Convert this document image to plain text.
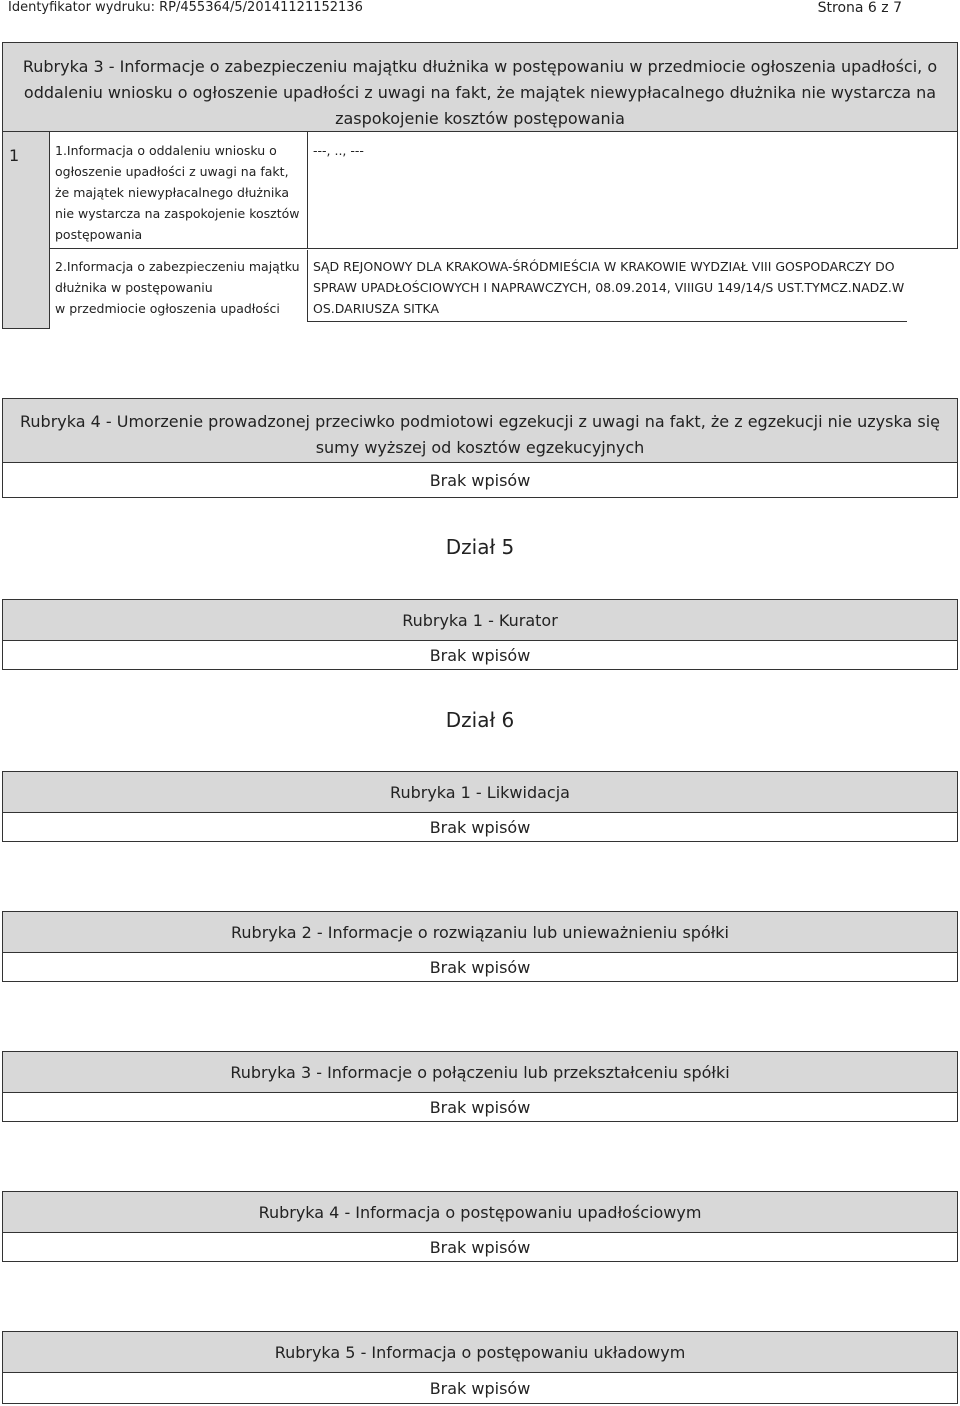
Identyfikator wydruku: RP/455364/5/20141121152136	Strona 6 z 7
Rubryka 3 - Informacje o zabezpieczeniu majątku dłużnika w postępowaniu w przedmiocie ogłoszenia upadłości, o
oddaleniu wniosku o ogłoszenie upadłości z uwagi na fakt, że majątek niewypłacalnego dłużnika nie wystarcza na
zaspokojenie kosztów postępowania
1	1.Informacja o oddaleniu wniosku o
ogłoszenie upadłości z uwagi na fakt,
że majątek niewypłacalnego dłużnika
nie wystarcza na zaspokojenie kosztów
postępowania
---, .., ---
2.Informacja o zabezpieczeniu majątku
dłużnika w postępowaniu
w przedmiocie ogłoszenia upadłości
SĄD REJONOWY DLA KRAKOWA-ŚRÓDMIEŚCIA W KRAKOWIE WYDZIAŁ VIII GOSPODARCZY DO
SPRAW UPADŁOŚCIOWYCH I NAPRAWCZYCH, 08.09.2014, VIIIGU 149/14/S UST.TYMCZ.NADZ.W
OS.DARIUSZA SITKA
Rubryka 4 - Umorzenie prowadzonej przeciwko podmiotowi egzekucji z uwagi na fakt, że z egzekucji nie uzyska się
sumy wyższej od kosztów egzekucyjnych
Brak wpisów
Dział 5
Rubryka 1 - Kurator
Brak wpisów
Dział 6
Rubryka 1 - Likwidacja
Brak wpisów
Rubryka 2 - Informacje o rozwiązaniu lub unieważnieniu spółki
Brak wpisów
Rubryka 3 - Informacje o połączeniu lub przekształceniu spółki
Brak wpisów
Rubryka 4 - Informacja o postępowaniu upadłościowym
Brak wpisów
Rubryka 5 - Informacja o postępowaniu układowym
Brak wpisów
